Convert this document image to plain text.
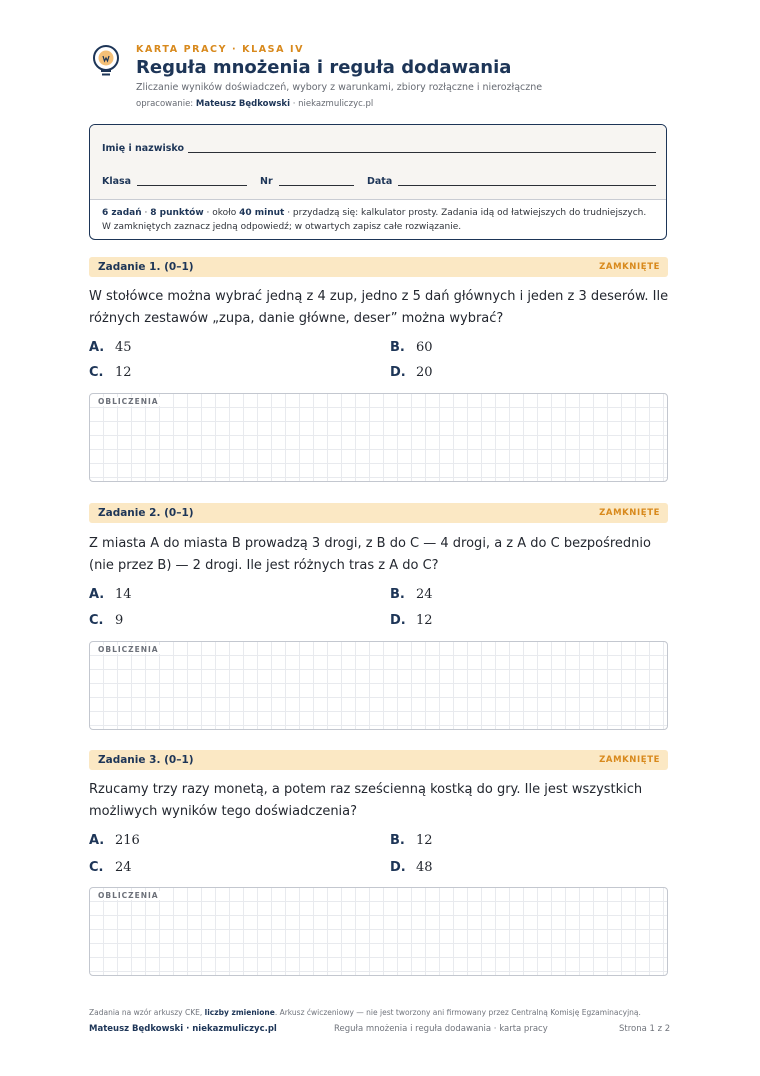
KARTA PRACY · KLASA IV
Reguła mnożenia i reguła dodawania
Zliczanie wyników doświadczeń, wybory z warunkami, zbiory rozłączne i nierozłączne
opracowanie: Mateusz Będkowski · niekazmuliczyc.pl
Imię i nazwisko
Klasa	Nr	Data
6 zadań · 8 punktów · około 40 minut · przydadzą się: kalkulator prosty. Zadania idą od łatwiejszych do trudniejszych. W zamkniętych zaznacz jedną odpowiedź; w otwartych zapisz całe rozwiązanie.
Zadanie 1. (0–1)	ZAMKNIĘTE
W stołówce można wybrać jedną z 4 zup, jedno z 5 dań głównych i jeden z 3 deserów. Ile różnych zestawów „zupa, danie główne, deser” można wybrać?
A. 45	B. 60
C. 12	D. 20
OBLICZENIA
Zadanie 2. (0–1)	ZAMKNIĘTE
Z miasta A do miasta B prowadzą 3 drogi, z B do C — 4 drogi, a z A do C bezpośrednio (nie przez B) — 2 drogi. Ile jest różnych tras z A do C?
A. 14	B. 24
C. 9	D. 12
OBLICZENIA
Zadanie 3. (0–1)	ZAMKNIĘTE
Rzucamy trzy razy monetą, a potem raz sześcienną kostką do gry. Ile jest wszystkich możliwych wyników tego doświadczenia?
A. 216	B. 12
C. 24	D. 48
OBLICZENIA
Zadania na wzór arkuszy CKE, liczby zmienione. Arkusz ćwiczeniowy — nie jest tworzony ani firmowany przez Centralną Komisję Egzaminacyjną.
Mateusz Będkowski · niekazmuliczyc.pl	Reguła mnożenia i reguła dodawania · karta pracy	Strona 1 z 2
